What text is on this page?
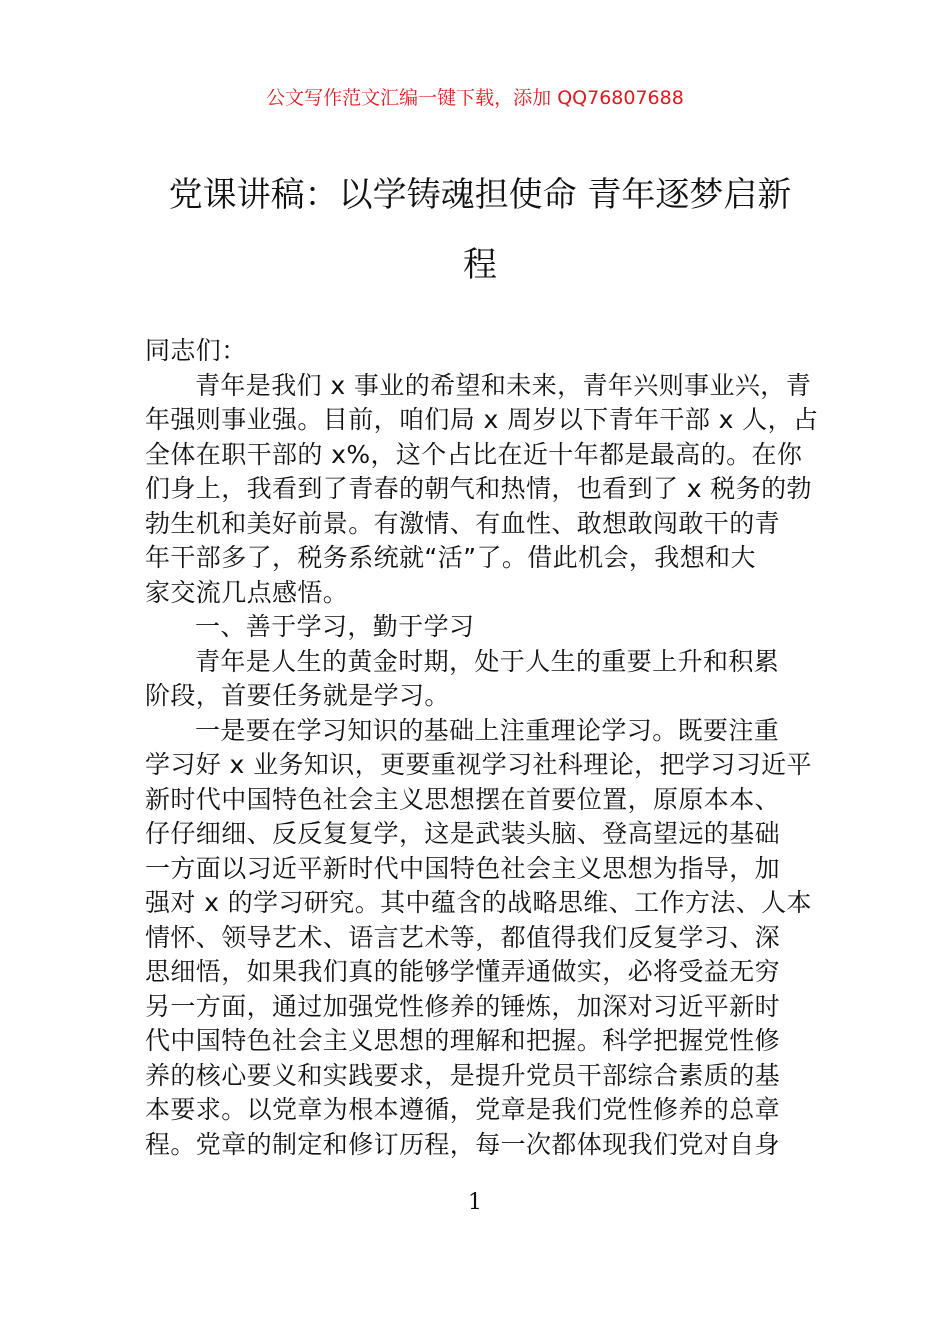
公文写作范文汇编一键下载，添加 QQ76807688
党课讲稿：以学铸魂担使命 青年逐梦启新
程
同志们：
青年是我们 x 事业的希望和未来，青年兴则事业兴，青
年强则事业强。目前，咱们局 x 周岁以下青年干部 x 人，占
全体在职干部的 x%，这个占比在近十年都是最高的。在你
们身上，我看到了青春的朝气和热情，也看到了 x 税务的勃
勃生机和美好前景。有激情、有血性、敢想敢闯敢干的青
年干部多了，税务系统就“活”了。借此机会，我想和大
家交流几点感悟。
一、善于学习，勤于学习
青年是人生的黄金时期，处于人生的重要上升和积累
阶段，首要任务就是学习。
一是要在学习知识的基础上注重理论学习。既要注重
学习好 x 业务知识，更要重视学习社科理论，把学习习近平
新时代中国特色社会主义思想摆在首要位置，原原本本、
仔仔细细、反反复复学，这是武装头脑、登高望远的基础
一方面以习近平新时代中国特色社会主义思想为指导，加
强对 x 的学习研究。其中蕴含的战略思维、工作方法、人本
情怀、领导艺术、语言艺术等，都值得我们反复学习、深
思细悟，如果我们真的能够学懂弄通做实，必将受益无穷
另一方面，通过加强党性修养的锤炼，加深对习近平新时
代中国特色社会主义思想的理解和把握。科学把握党性修
养的核心要义和实践要求，是提升党员干部综合素质的基
本要求。以党章为根本遵循，党章是我们党性修养的总章
程。党章的制定和修订历程，每一次都体现我们党对自身
1
